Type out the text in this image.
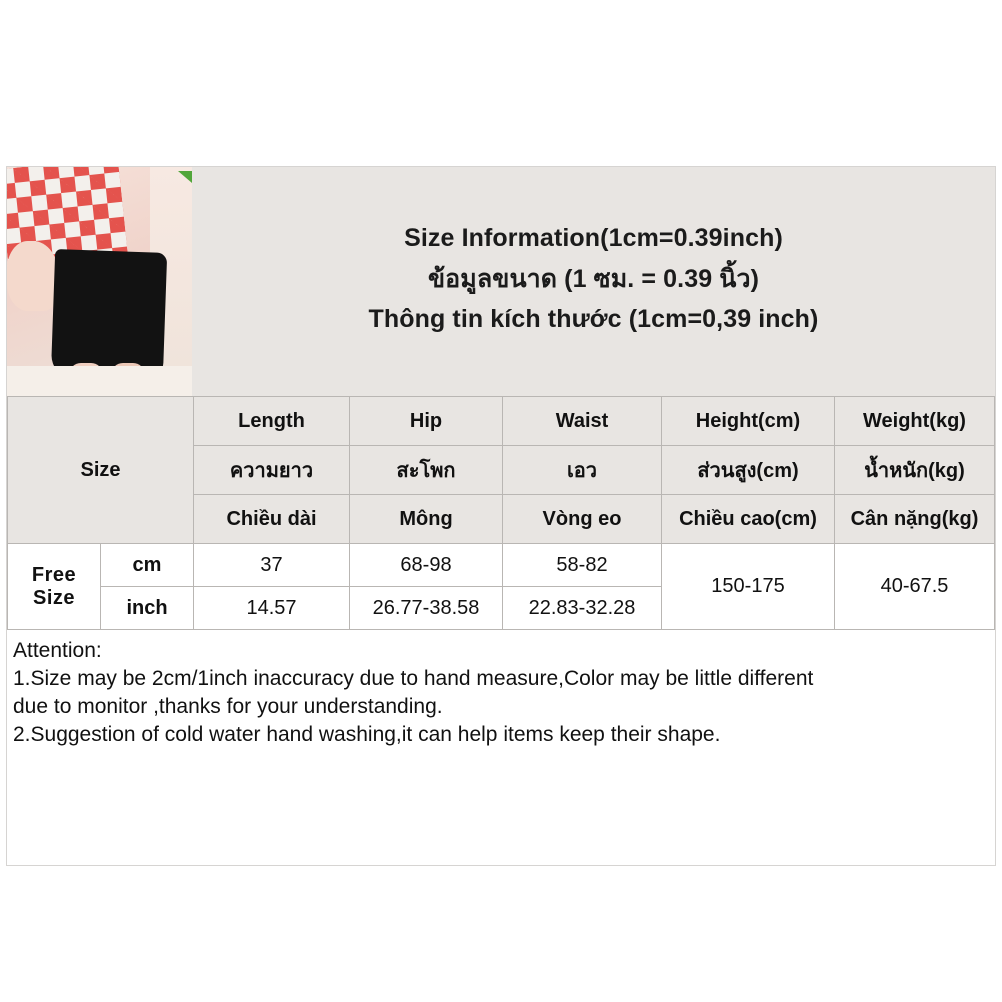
Size Information(1cm=0.39inch)
ข้อมูลขนาด (1 ซม. = 0.39 นิ้ว)
Thông tin kích thước (1cm=0,39 inch)
Size		Length	Hip	Waist	Height(cm)	Weight(kg)
		ความยาว	สะโพก	เอว	ส่วนสูง(cm)	น้ำหนัก(kg)
		Chiều dài	Mông	Vòng eo	Chiều cao(cm)	Cân nặng(kg)
Free Size	cm	37	68-98	58-82	150-175	40-67.5
	inch	14.57	26.77-38.58	22.83-32.28		

Attention:

1.Size may be 2cm/1inch inaccuracy due to hand measure,Color may be little different

due to monitor ,thanks for your understanding.

2.Suggestion of cold water hand washing,it can help items keep their shape.
